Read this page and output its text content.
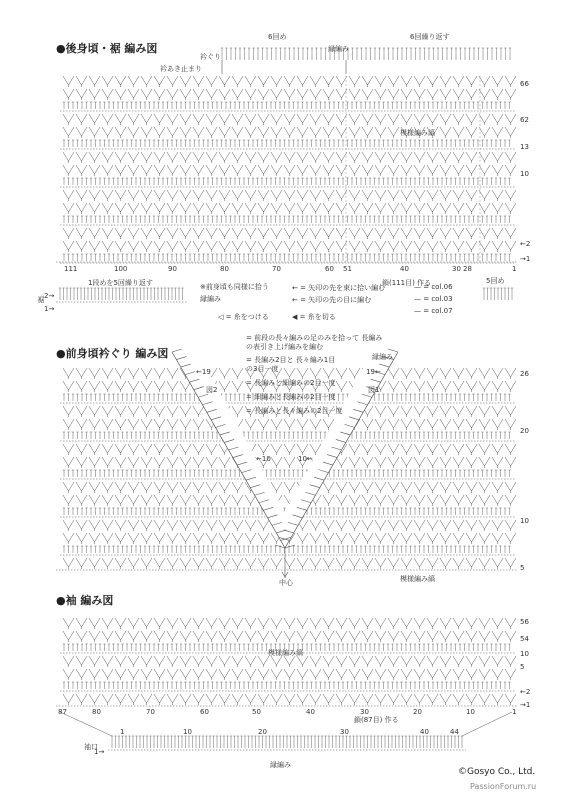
●後身頃・裾 編み図
6回め
縁編み
6回繰り返す
衿ぐり
衿あき止まり
模様編み縞
66
62
13
10
←2
→1
111	100	90	80	70	60 51	40	30 28	1
鎖(111目) 作る
1段めを5回繰り返す	5回め
※前身頃も同様に拾う
縁編み
2→
1→
裾
← = 矢印の先を束に拾い編む
← = 矢印の先の目に編む
— = col.06
— = col.03
— = col.07
◁ = 糸をつける	◀ = 糸を切る
●前身頃衿ぐり 編み図
= 前段の長々編みの足のみを拾って 長編みの表引き上げ編みを編む
= 長編み2目と 長々編み1目の3目一度
= 長編みと細編みの2目一度
= 細編みと長編みの2目一度
= 長編みと長々編みの2目一度
縁編み
図2	図1
←19	19←
←10	10←
中心	模様編み縞
26
20
10
5
●袖 編み図
模様編み縞
鎖(87目) 作る
56
54
10
5
←2
→1
87	80	70	60	50	40	30	20	10	1
1	10	20	30	40	44
1→
袖口
縁編み
©Gosyo Co., Ltd.
PassionForum.ru
